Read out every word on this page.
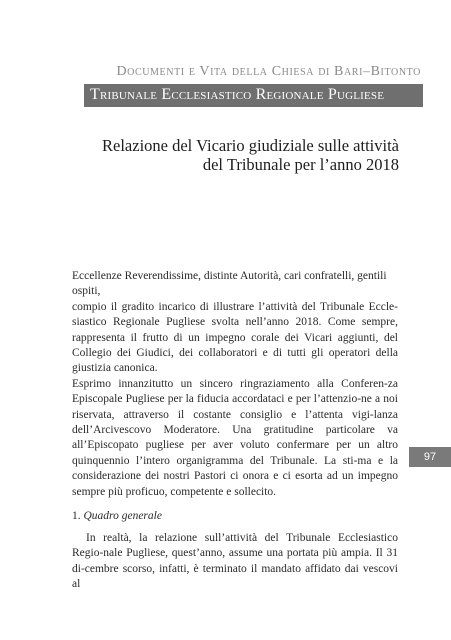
Documenti e Vita della Chiesa di Bari–Bitonto
Tribunale Ecclesiastico Regionale Pugliese
Relazione del Vicario giudiziale sulle attività
del Tribunale per l’anno 2018

Eccellenze Reverendissime, distinte Autorità, cari confratelli, gentili ospiti,

compio il gradito incarico di illustrare l’attività del Tribunale Eccle-siastico Regionale Pugliese svolta nell’anno 2018. Come sempre, rappresenta il frutto di un impegno corale dei Vicari aggiunti, del Collegio dei Giudici, dei collaboratori e di tutti gli operatori della giustizia canonica.

Esprimo innanzitutto un sincero ringraziamento alla Conferen-za Episcopale Pugliese per la fiducia accordataci e per l’attenzio-ne a noi riservata, attraverso il costante consiglio e l’attenta vigi-lanza dell’Arcivescovo Moderatore. Una gratitudine particolare va all’Episcopato pugliese per aver voluto confermare per un altro quinquennio l’intero organigramma del Tribunale. La sti-ma e la considerazione dei nostri Pastori ci onora e ci esorta ad un impegno sempre più proficuo, competente e sollecito.

97
1. Quadro generale

In realtà, la relazione sull’attività del Tribunale Ecclesiastico Regio-nale Pugliese, quest’anno, assume una portata più ampia. Il 31 di-cembre scorso, infatti, è terminato il mandato affidato dai vescovi al
